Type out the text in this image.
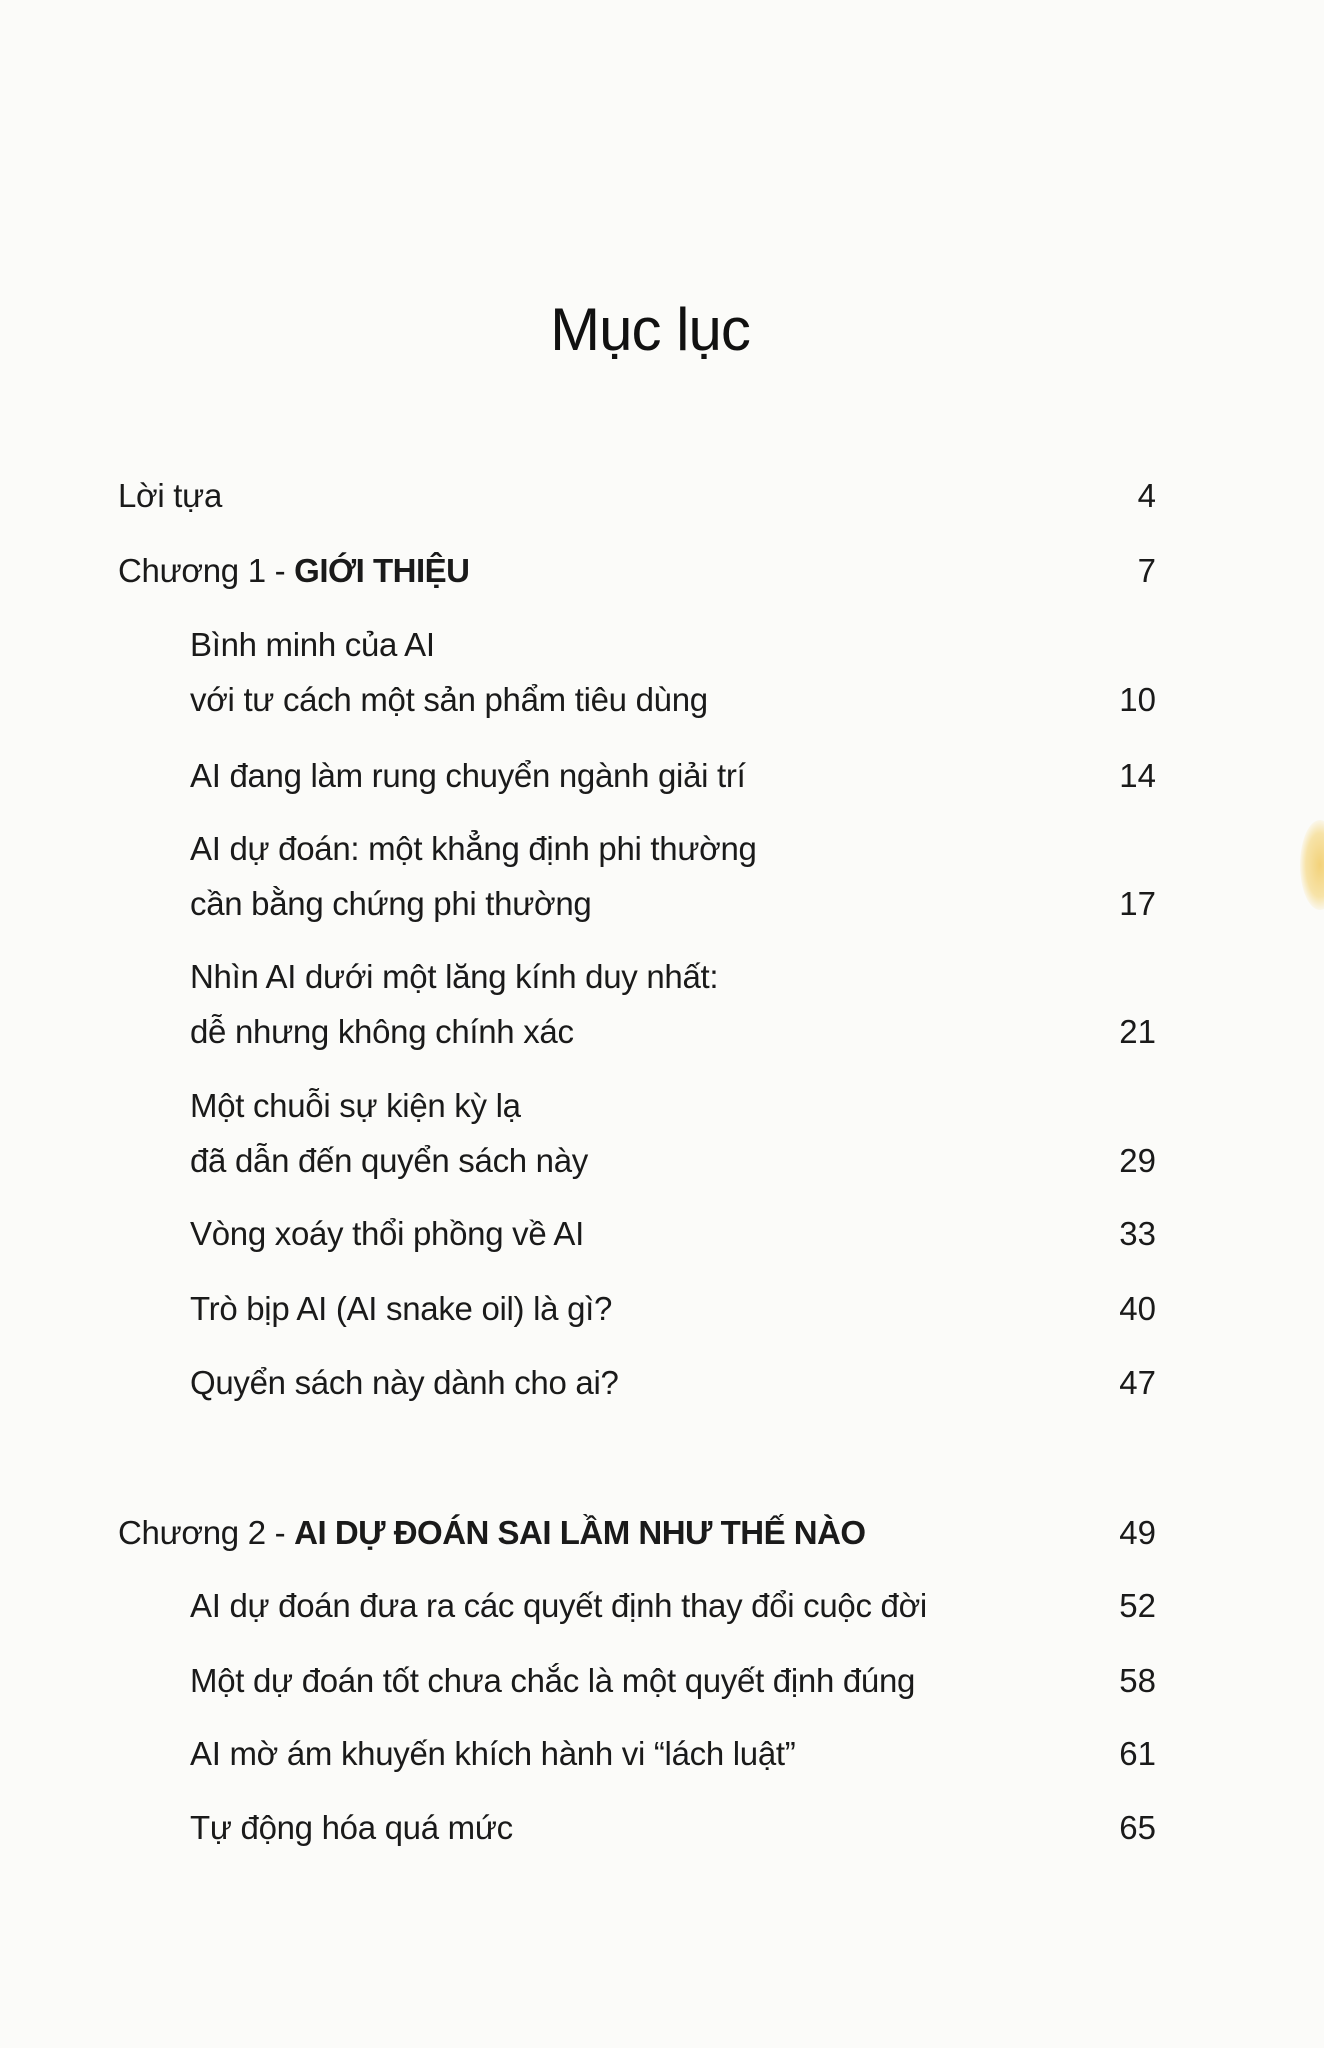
Mục lục
Lời tựa	4
Chương 1 - GIỚI THIỆU	7
Bình minh của AI
với tư cách một sản phẩm tiêu dùng	10
AI đang làm rung chuyển ngành giải trí	14
AI dự đoán: một khẳng định phi thường
cần bằng chứng phi thường	17
Nhìn AI dưới một lăng kính duy nhất:
dễ nhưng không chính xác	21
Một chuỗi sự kiện kỳ lạ
đã dẫn đến quyển sách này	29
Vòng xoáy thổi phồng về AI	33
Trò bịp AI (AI snake oil) là gì?	40
Quyển sách này dành cho ai?	47
Chương 2 - AI DỰ ĐOÁN SAI LẦM NHƯ THẾ NÀO	49
AI dự đoán đưa ra các quyết định thay đổi cuộc đời	52
Một dự đoán tốt chưa chắc là một quyết định đúng	58
AI mờ ám khuyến khích hành vi “lách luật”	61
Tự động hóa quá mức	65
